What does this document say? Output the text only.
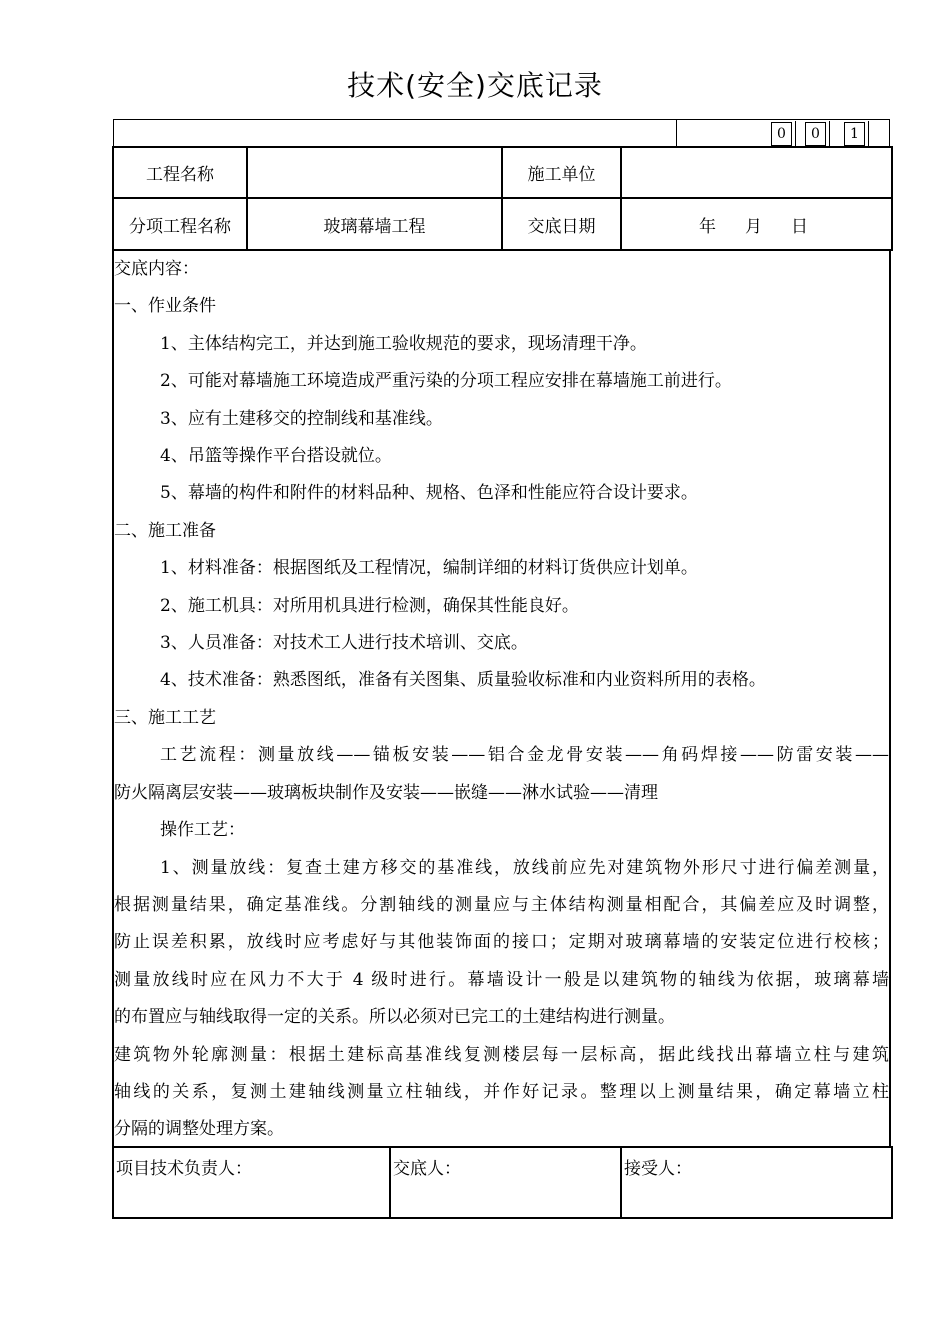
技术(安全)交底记录
0	0	1
工程名称		施工单位	
分项工程名称	玻璃幕墙工程	交底日期	年　月　日

交底内容：

一、作业条件

1、主体结构完工，并达到施工验收规范的要求，现场清理干净。

2、可能对幕墙施工环境造成严重污染的分项工程应安排在幕墙施工前进行。

3、应有土建移交的控制线和基准线。

4、吊篮等操作平台搭设就位。

5、幕墙的构件和附件的材料品种、规格、色泽和性能应符合设计要求。

二、施工准备

1、材料准备：根据图纸及工程情况，编制详细的材料订货供应计划单。

2、施工机具：对所用机具进行检测，确保其性能良好。

3、人员准备：对技术工人进行技术培训、交底。

4、技术准备：熟悉图纸，准备有关图集、质量验收标准和内业资料所用的表格。

三、施工工艺

工艺流程：测量放线——锚板安装——铝合金龙骨安装——角码焊接——防雷安装——

防火隔离层安装——玻璃板块制作及安装——嵌缝——淋水试验——清理

操作工艺：

1、测量放线：复查土建方移交的基准线，放线前应先对建筑物外形尺寸进行偏差测量，

根据测量结果，确定基准线。分割轴线的测量应与主体结构测量相配合，其偏差应及时调整，

防止误差积累，放线时应考虑好与其他装饰面的接口；定期对玻璃幕墙的安装定位进行校核；

测量放线时应在风力不大于 4 级时进行。幕墙设计一般是以建筑物的轴线为依据，玻璃幕墙

的布置应与轴线取得一定的关系。所以必须对已完工的土建结构进行测量。

建筑物外轮廓测量：根据土建标高基准线复测楼层每一层标高，据此线找出幕墙立柱与建筑

轴线的关系，复测土建轴线测量立柱轴线，并作好记录。整理以上测量结果，确定幕墙立柱

分隔的调整处理方案。

项目技术负责人：	交底人：	接受人：
